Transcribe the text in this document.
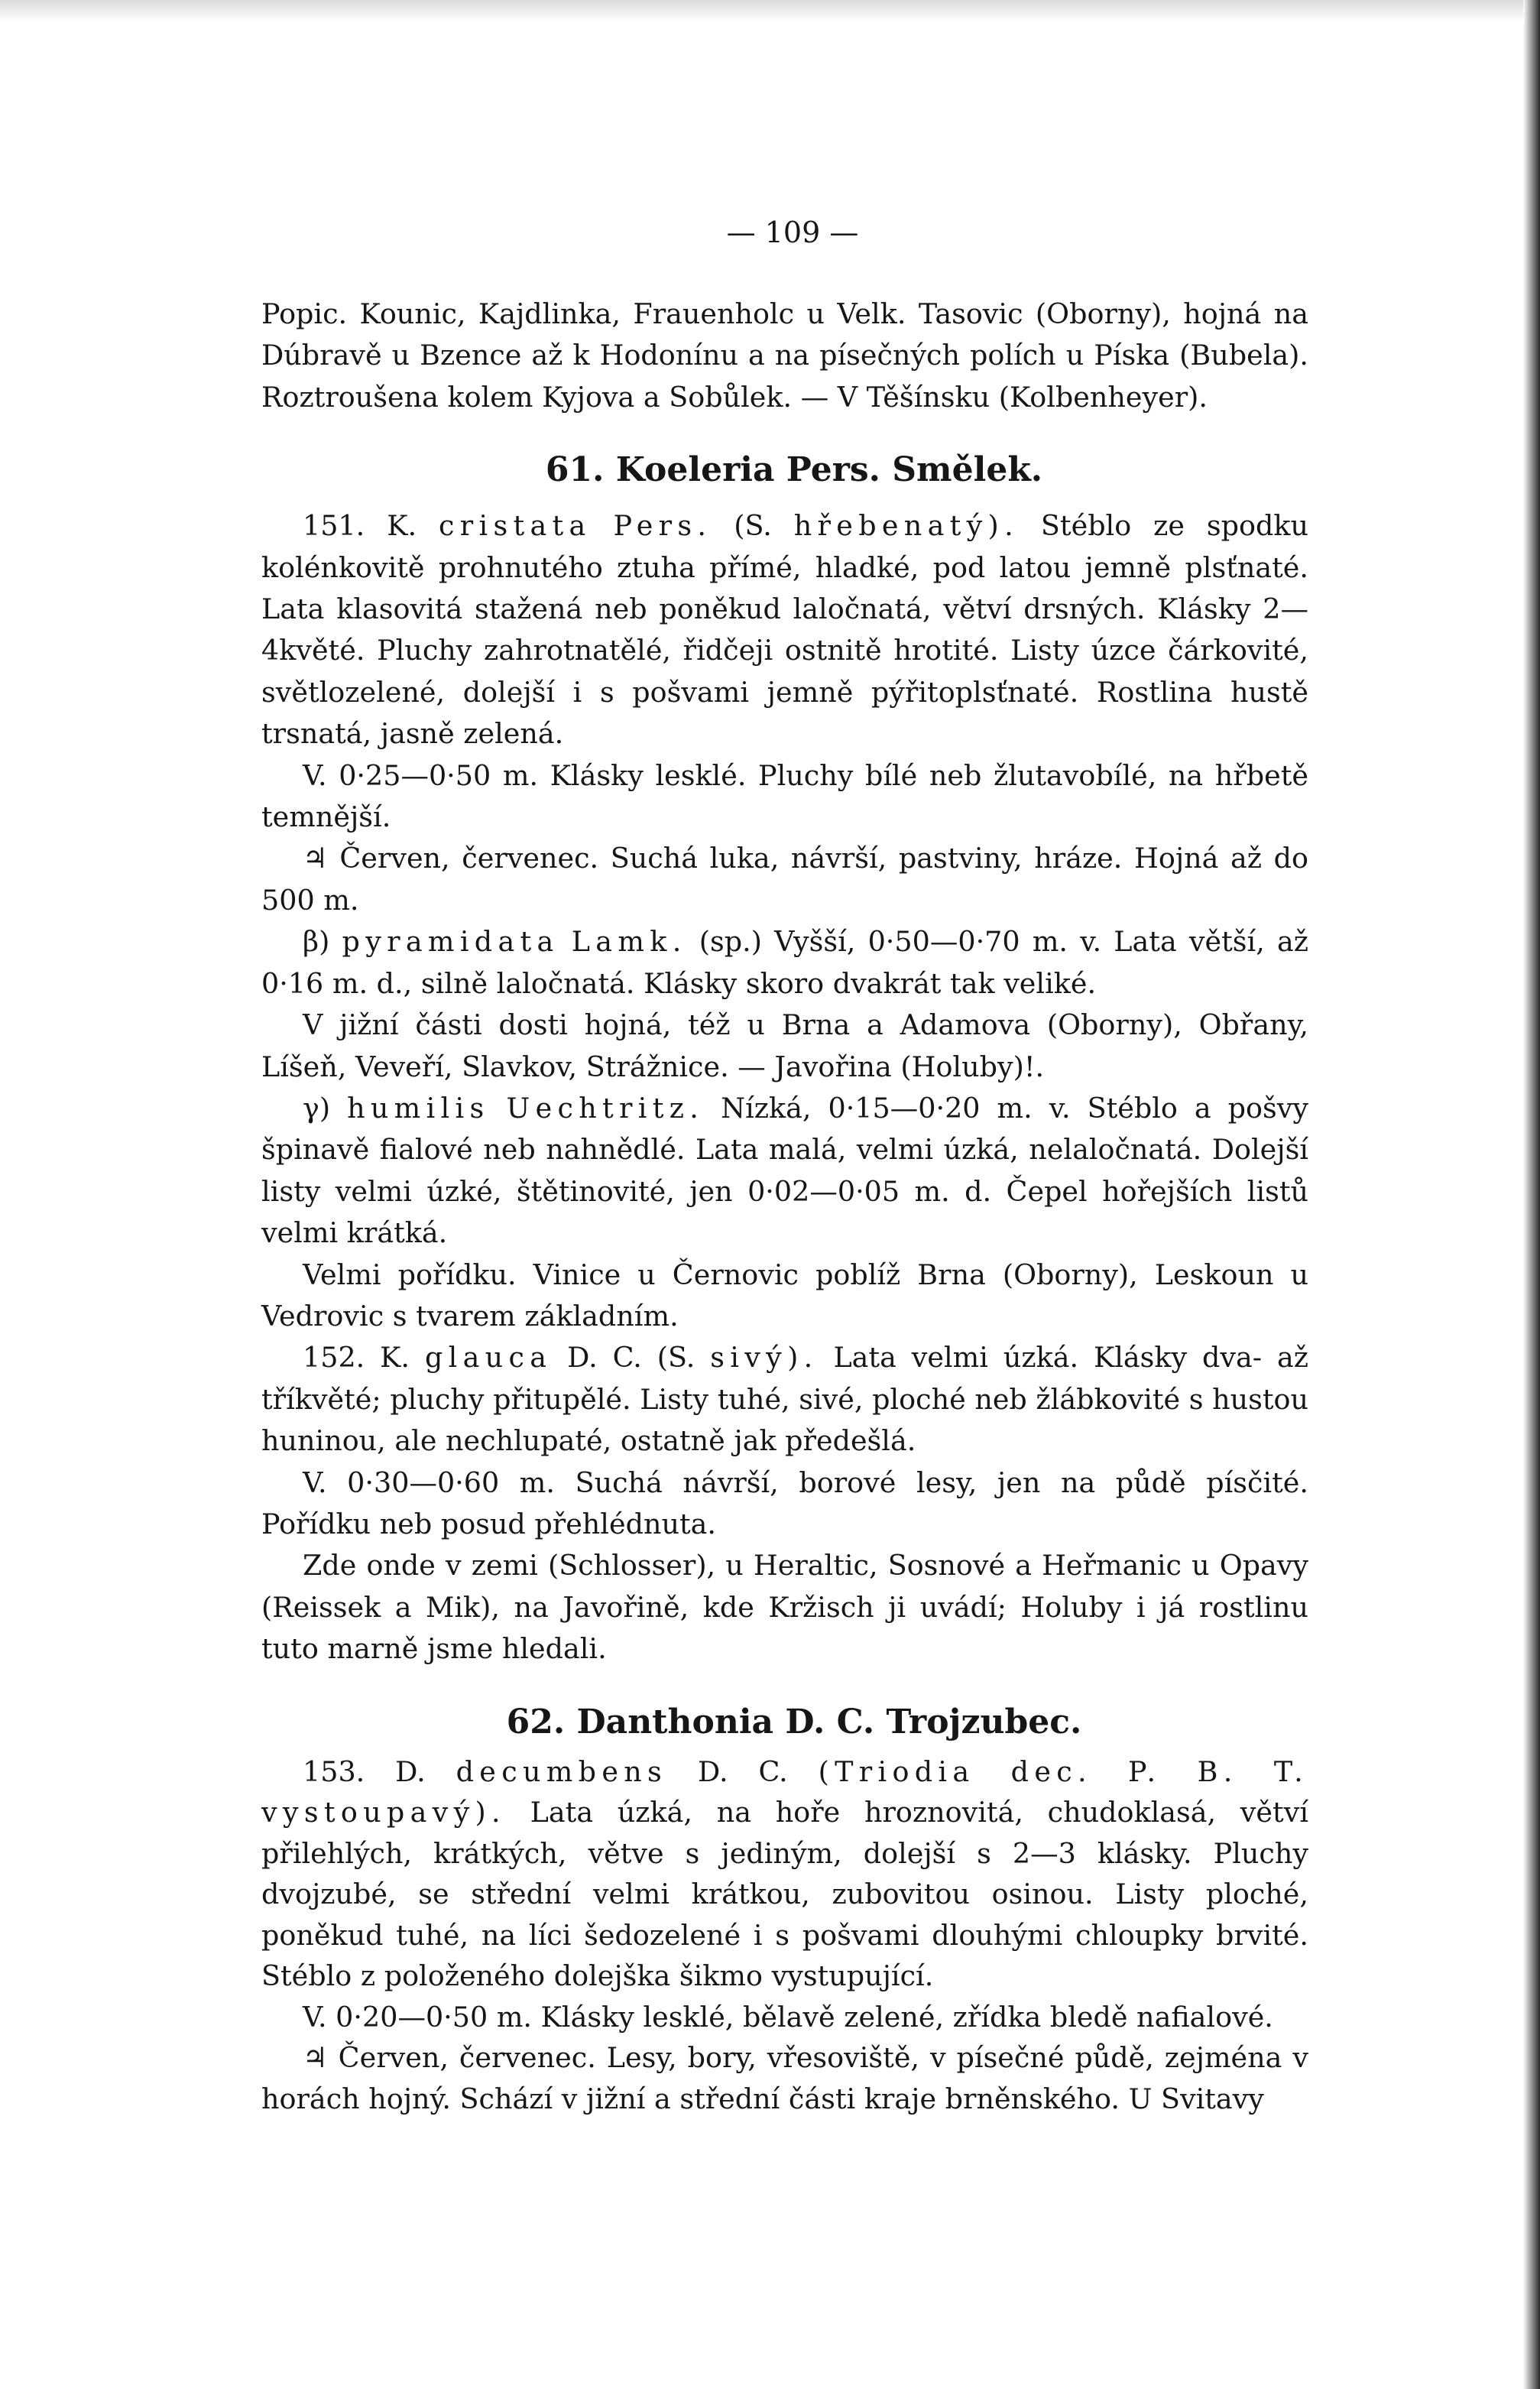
— 109 —

Popic. Kounic, Kajdlinka, Frauenholc u Velk. Tasovic (Oborny), hojná na Dúbravě u Bzence až k Hodonínu a na písečných polích u Píska (Bubela). Roztroušena kolem Kyjova a Sobůlek. — V Těšínsku (Kolbenheyer).

61. Koeleria Pers. Smělek.

151. K. cristata Pers. (S. hřebenatý). Stéblo ze spodku kolénkovitě prohnutého ztuha přímé, hladké, pod latou jemně plsťnaté. Lata klasovitá stažená neb poněkud laločnatá, větví drsných. Klásky 2—4květé. Pluchy zahrotnatělé, řidčeji ostnitě hrotité. Listy úzce čárkovité, světlozelené, dolejší i s pošvami jemně pýřitoplsťnaté. Rostlina hustě trsnatá, jasně zelená.

V. 0·25—0·50 m. Klásky lesklé. Pluchy bílé neb žlutavobílé, na hřbetě temnější.

♃ Červen, červenec. Suchá luka, návrší, pastviny, hráze. Hojná až do 500 m.

β) pyramidata Lamk. (sp.) Vyšší, 0·50—0·70 m. v. Lata větší, až 0·16 m. d., silně laločnatá. Klásky skoro dvakrát tak veliké.

V jižní části dosti hojná, též u Brna a Adamova (Oborny), Obřany, Líšeň, Veveří, Slavkov, Strážnice. — Javořina (Holuby)!.

γ) humilis Uechtritz. Nízká, 0·15—0·20 m. v. Stéblo a pošvy špinavě fialové neb nahnědlé. Lata malá, velmi úzká, nelaločnatá. Dolejší listy velmi úzké, štětinovité, jen 0·02—0·05 m. d. Čepel hořejších listů velmi krátká.

Velmi pořídku. Vinice u Černovic poblíž Brna (Oborny), Leskoun u Vedrovic s tvarem základním.

152. K. glauca D. C. (S. sivý). Lata velmi úzká. Klásky dva- až tříkvěté; pluchy přitupělé. Listy tuhé, sivé, ploché neb žlábkovité s hustou huninou, ale nechlupaté, ostatně jak předešlá.

V. 0·30—0·60 m. Suchá návrší, borové lesy, jen na půdě písčité. Pořídku neb posud přehlédnuta.

Zde onde v zemi (Schlosser), u Heraltic, Sosnové a Heřmanic u Opavy (Reissek a Mik), na Javořině, kde Kržisch ji uvádí; Holuby i já rostlinu tuto marně jsme hledali.

62. Danthonia D. C. Trojzubec.

153. D. decumbens D. C. (Triodia dec. P. B. T. vystoupavý). Lata úzká, na hoře hroznovitá, chudoklasá, větví přilehlých, krátkých, větve s jediným, dolejší s 2—3 klásky. Pluchy dvojzubé, se střední velmi krátkou, zubovitou osinou. Listy ploché, poněkud tuhé, na líci šedozelené i s pošvami dlouhými chloupky brvité. Stéblo z položeného dolejška šikmo vystupující.

V. 0·20—0·50 m. Klásky lesklé, bělavě zelené, zřídka bledě nafialové.

♃ Červen, červenec. Lesy, bory, vřesoviště, v písečné půdě, zejména v horách hojný. Schází v jižní a střední části kraje brněnského. U Svitavy
